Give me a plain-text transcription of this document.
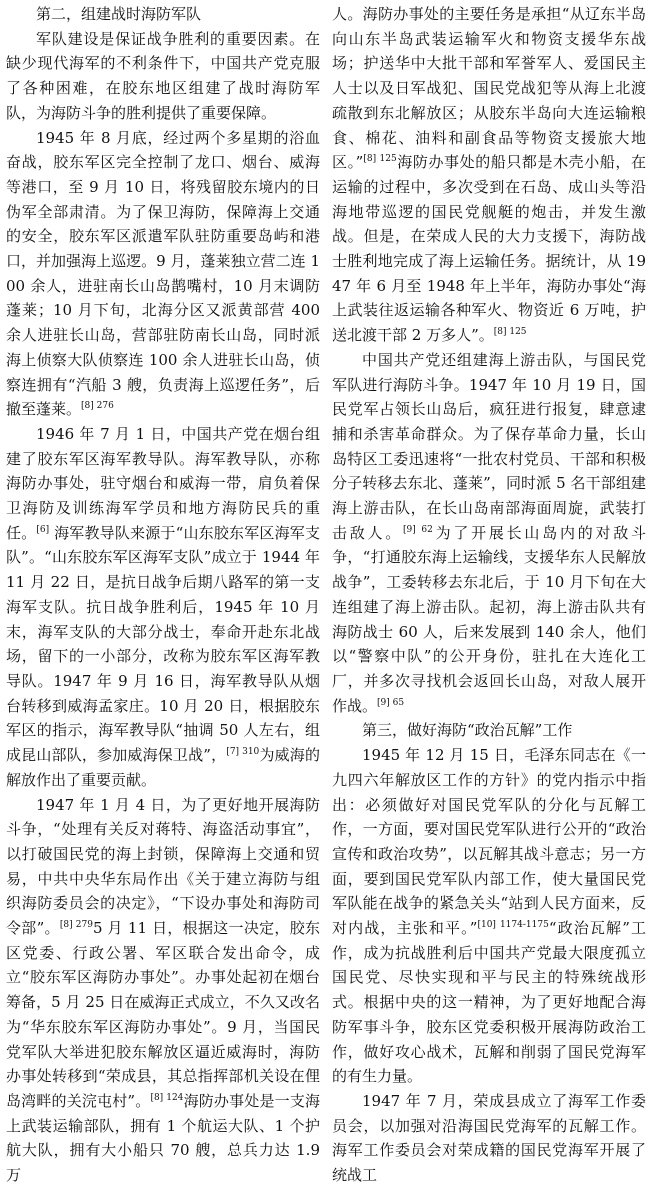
第二，组建战时海防军队

军队建设是保证战争胜利的重要因素。在缺少现代海军的不利条件下，中国共产党克服了各种困难，在胶东地区组建了战时海防军队，为海防斗争的胜利提供了重要保障。

1945 年 8 月底，经过两个多星期的浴血奋战，胶东军区完全控制了龙口、烟台、威海等港口，至 9 月 10 日，将残留胶东境内的日伪军全部肃清。为了保卫海防，保障海上交通的安全，胶东军区派遣军队驻防重要岛屿和港口，并加强海上巡逻。9 月，蓬莱独立营二连 100 余人，进驻南长山岛鹊嘴村，10 月末调防蓬莱；10 月下旬，北海分区又派黄部营 400 余人进驻长山岛，营部驻防南长山岛，同时派海上侦察大队侦察连 100 余人进驻长山岛，侦察连拥有“汽船 3 艘，负责海上巡逻任务”，后撤至蓬莱。$^{[8] 276}$

1946 年 7 月 1 日，中国共产党在烟台组建了胶东军区海军教导队。海军教导队，亦称海防办事处，驻守烟台和威海一带，肩负着保卫海防及训练海军学员和地方海防民兵的重任。[6] 海军教导队来源于“山东胶东军区海军支队”。“山东胶东军区海军支队”成立于 1944 年 11 月 22 日，是抗日战争后期八路军的第一支海军支队。抗日战争胜利后，1945 年 10 月末，海军支队的大部分战士，奉命开赴东北战场，留下的一小部分，改称为胶东军区海军教导队。1947 年 9 月 16 日，海军教导队从烟台转移到威海孟家庄。10 月 20 日，根据胶东军区的指示，海军教导队“抽调 50 人左右，组成昆山部队，参加威海保卫战”，$^{[7] 310}$为威海的解放作出了重要贡献。

1947 年 1 月 4 日，为了更好地开展海防斗争，“处理有关反对蒋特、海盗活动事宜”，以打破国民党的海上封锁，保障海上交通和贸易，中共中央华东局作出《关于建立海防与组织海防委员会的决定》，“下设办事处和海防司令部”。$^{[8] 279}$5 月 11 日，根据这一决定，胶东区党委、行政公署、军区联合发出命令，成立“胶东军区海防办事处”。办事处起初在烟台筹备，5 月 25 日在威海正式成立，不久又改名为“华东胶东军区海防办事处”。9 月，当国民党军队大举进犯胶东解放区逼近威海时，海防办事处转移到“荣成县，其总指挥部机关设在俚岛湾畔的关浣屯村”。$^{[8] 124}$海防办事处是一支海上武装运输部队，拥有 1 个航运大队、1 个护航大队，拥有大小船只 70 艘，总兵力达 1.9 万

人。海防办事处的主要任务是承担“从辽东半岛向山东半岛武装运输军火和物资支援华东战场；护送华中大批干部和军誉军人、爱国民主人士以及日军战犯、国民党战犯等从海上北渡疏散到东北解放区；从胶东半岛向大连运输粮食、棉花、油料和副食品等物资支援旅大地区。”$^{[8] 125}$海防办事处的船只都是木壳小船，在运输的过程中，多次受到在石岛、成山头等沿海地带巡逻的国民党舰艇的炮击，并发生激战。但是，在荣成人民的大力支援下，海防战士胜利地完成了海上运输任务。据统计，从 1947 年 6 月至 1948 年上半年，海防办事处“海上武装往返运输各种军火、物资近 6 万吨，护送北渡干部 2 万多人”。$^{[8] 125}$

中国共产党还组建海上游击队，与国民党军队进行海防斗争。1947 年 10 月 19 日，国民党军占领长山岛后，疯狂进行报复，肆意逮捕和杀害革命群众。为了保存革命力量，长山岛特区工委迅速将“一批农村党员、干部和积极分子转移去东北、蓬莱”，同时派 5 名干部组建海上游击队，在长山岛南部海面周旋，武装打击敌人。$^{[9] 62}$为了开展长山岛内的对敌斗争，“打通胶东海上运输线，支援华东人民解放战争”，工委转移去东北后，于 10 月下旬在大连组建了海上游击队。起初，海上游击队共有海防战士 60 人，后来发展到 140 余人，他们以“警察中队”的公开身份，驻扎在大连化工厂，并多次寻找机会返回长山岛，对敌人展开作战。$^{[9] 65}$

第三，做好海防“政治瓦解”工作

1945 年 12 月 15 日，毛泽东同志在《一九四六年解放区工作的方针》的党内指示中指出：必须做好对国民党军队的分化与瓦解工作，一方面，要对国民党军队进行公开的“政治宣传和政治攻势”，以瓦解其战斗意志；另一方面，要到国民党军队内部工作，使大量国民党军队能在战争的紧急关头“站到人民方面来，反对内战，主张和平。”$^{[10] 1174-1175}$“政治瓦解”工作，成为抗战胜利后中国共产党最大限度孤立国民党、尽快实现和平与民主的特殊统战形式。根据中央的这一精神，为了更好地配合海防军事斗争，胶东区党委积极开展海防政治工作，做好攻心战术，瓦解和削弱了国民党海军的有生力量。

1947 年 7 月，荣成县成立了海军工作委员会，以加强对沿海国民党海军的瓦解工作。海军工作委员会对荣成籍的国民党海军开展了统战工
